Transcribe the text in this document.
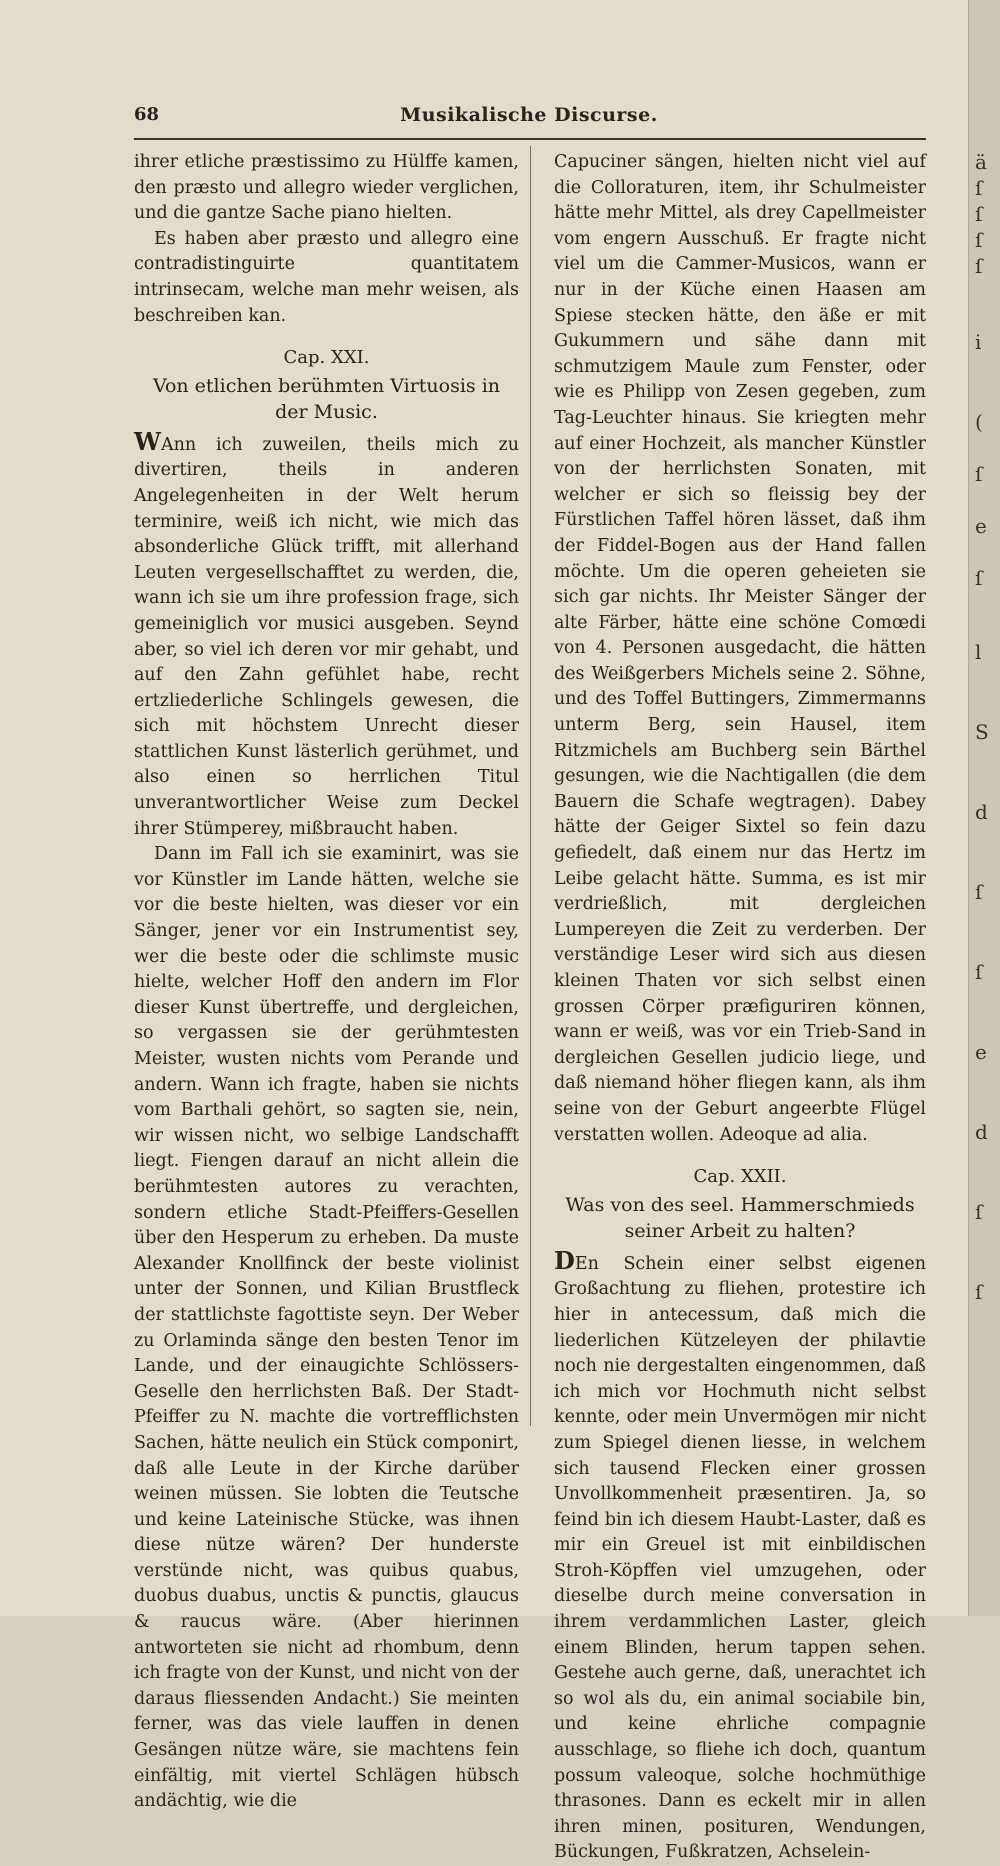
68	Musikalische Discurse.

ihrer etliche præstissimo zu Hülffe kamen, den præsto und allegro wieder verglichen, und die gantze Sache piano hielten.

Es haben aber præsto und allegro eine contradistinguirte quantitatem intrinsecam, welche man mehr weisen, als beschreiben kan.

Cap. XXI.
Von etlichen berühmten Virtuosis in der Music.

WAnn ich zuweilen, theils mich zu divertiren, theils in anderen Angelegenheiten in der Welt herum terminire, weiß ich nicht, wie mich das absonderliche Glück trifft, mit allerhand Leuten vergesellschafftet zu werden, die, wann ich sie um ihre profession frage, sich gemeiniglich vor musici ausgeben. Seynd aber, so viel ich deren vor mir gehabt, und auf den Zahn gefühlet habe, recht ertzliederliche Schlingels gewesen, die sich mit höchstem Unrecht dieser stattlichen Kunst lästerlich gerühmet, und also einen so herrlichen Titul unverantwortlicher Weise zum Deckel ihrer Stümperey, mißbraucht haben.

Dann im Fall ich sie examinirt, was sie vor Künstler im Lande hätten, welche sie vor die beste hielten, was dieser vor ein Sänger, jener vor ein Instrumentist sey, wer die beste oder die schlimste music hielte, welcher Hoff den andern im Flor dieser Kunst übertreffe, und dergleichen, so vergassen sie der gerühmtesten Meister, wusten nichts vom Perande und andern. Wann ich fragte, haben sie nichts vom Barthali gehört, so sagten sie, nein, wir wissen nicht, wo selbige Landschafft liegt. Fiengen darauf an nicht allein die berühmtesten autores zu verachten, sondern etliche Stadt-Pfeiffers-Gesellen über den Hesperum zu erheben. Da muste Alexander Knollfinck der beste violinist unter der Sonnen, und Kilian Brustfleck der stattlichste fagottiste seyn. Der Weber zu Orlaminda sänge den besten Tenor im Lande, und der einaugichte Schlössers-Geselle den herrlichsten Baß. Der Stadt-Pfeiffer zu N. machte die vortrefflichsten Sachen, hätte neulich ein Stück componirt, daß alle Leute in der Kirche darüber weinen müssen. Sie lobten die Teutsche und keine Lateinische Stücke, was ihnen diese nütze wären? Der hunderste verstünde nicht, was quibus quabus, duobus duabus, unctis & punctis, glaucus & raucus wäre. (Aber hierinnen antworteten sie nicht ad rhombum, denn ich fragte von der Kunst, und nicht von der daraus fliessenden Andacht.) Sie meinten ferner, was das viele lauffen in denen Gesängen nütze wäre, sie machtens fein einfältig, mit viertel Schlägen hübsch andächtig, wie die

Capuciner sängen, hielten nicht viel auf die Colloraturen, item, ihr Schulmeister hätte mehr Mittel, als drey Capellmeister vom engern Ausschuß. Er fragte nicht viel um die Cammer-Musicos, wann er nur in der Küche einen Haasen am Spiese stecken hätte, den äße er mit Gukummern und sähe dann mit schmutzigem Maule zum Fenster, oder wie es Philipp von Zesen gegeben, zum Tag-Leuchter hinaus. Sie kriegten mehr auf einer Hochzeit, als mancher Künstler von der herrlichsten Sonaten, mit welcher er sich so fleissig bey der Fürstlichen Taffel hören lässet, daß ihm der Fiddel-Bogen aus der Hand fallen möchte. Um die operen geheieten sie sich gar nichts. Ihr Meister Sänger der alte Färber, hätte eine schöne Comœdi von 4. Personen ausgedacht, die hätten des Weißgerbers Michels seine 2. Söhne, und des Toffel Buttingers, Zimmermanns unterm Berg, sein Hausel, item Ritzmichels am Buchberg sein Bärthel gesungen, wie die Nachtigallen (die dem Bauern die Schafe wegtragen). Dabey hätte der Geiger Sixtel so fein dazu gefiedelt, daß einem nur das Hertz im Leibe gelacht hätte. Summa, es ist mir verdrießlich, mit dergleichen Lumpereyen die Zeit zu verderben. Der verständige Leser wird sich aus diesen kleinen Thaten vor sich selbst einen grossen Cörper præfiguriren können, wann er weiß, was vor ein Trieb-Sand in dergleichen Gesellen judicio liege, und daß niemand höher fliegen kann, als ihm seine von der Geburt angeerbte Flügel verstatten wollen. Adeoque ad alia.

Cap. XXII.
Was von des seel. Hammerschmieds seiner Arbeit zu halten?

DEn Schein einer selbst eigenen Großachtung zu fliehen, protestire ich hier in antecessum, daß mich die liederlichen Kützeleyen der philavtie noch nie dergestalten eingenommen, daß ich mich vor Hochmuth nicht selbst kennte, oder mein Unvermögen mir nicht zum Spiegel dienen liesse, in welchem sich tausend Flecken einer grossen Unvollkommenheit præsentiren. Ja, so feind bin ich diesem Haubt-Laster, daß es mir ein Greuel ist mit einbildischen Stroh-Köpffen viel umzugehen, oder dieselbe durch meine conversation in ihrem verdammlichen Laster, gleich einem Blinden, herum tappen sehen. Gestehe auch gerne, daß, unerachtet ich so wol als du, ein animal sociabile bin, und keine ehrliche compagnie ausschlage, so fliehe ich doch, quantum possum valeoque, solche hochmüthige thrasones. Dann es eckelt mir in allen ihren minen, posituren, Wendungen, Bückungen, Fußkratzen, Achselein-

ä
ſ
ſ
ſ
ſ
i
(
ſ
e
ſ
l
S
d
ſ
ſ
e
d
ſ
ſ
